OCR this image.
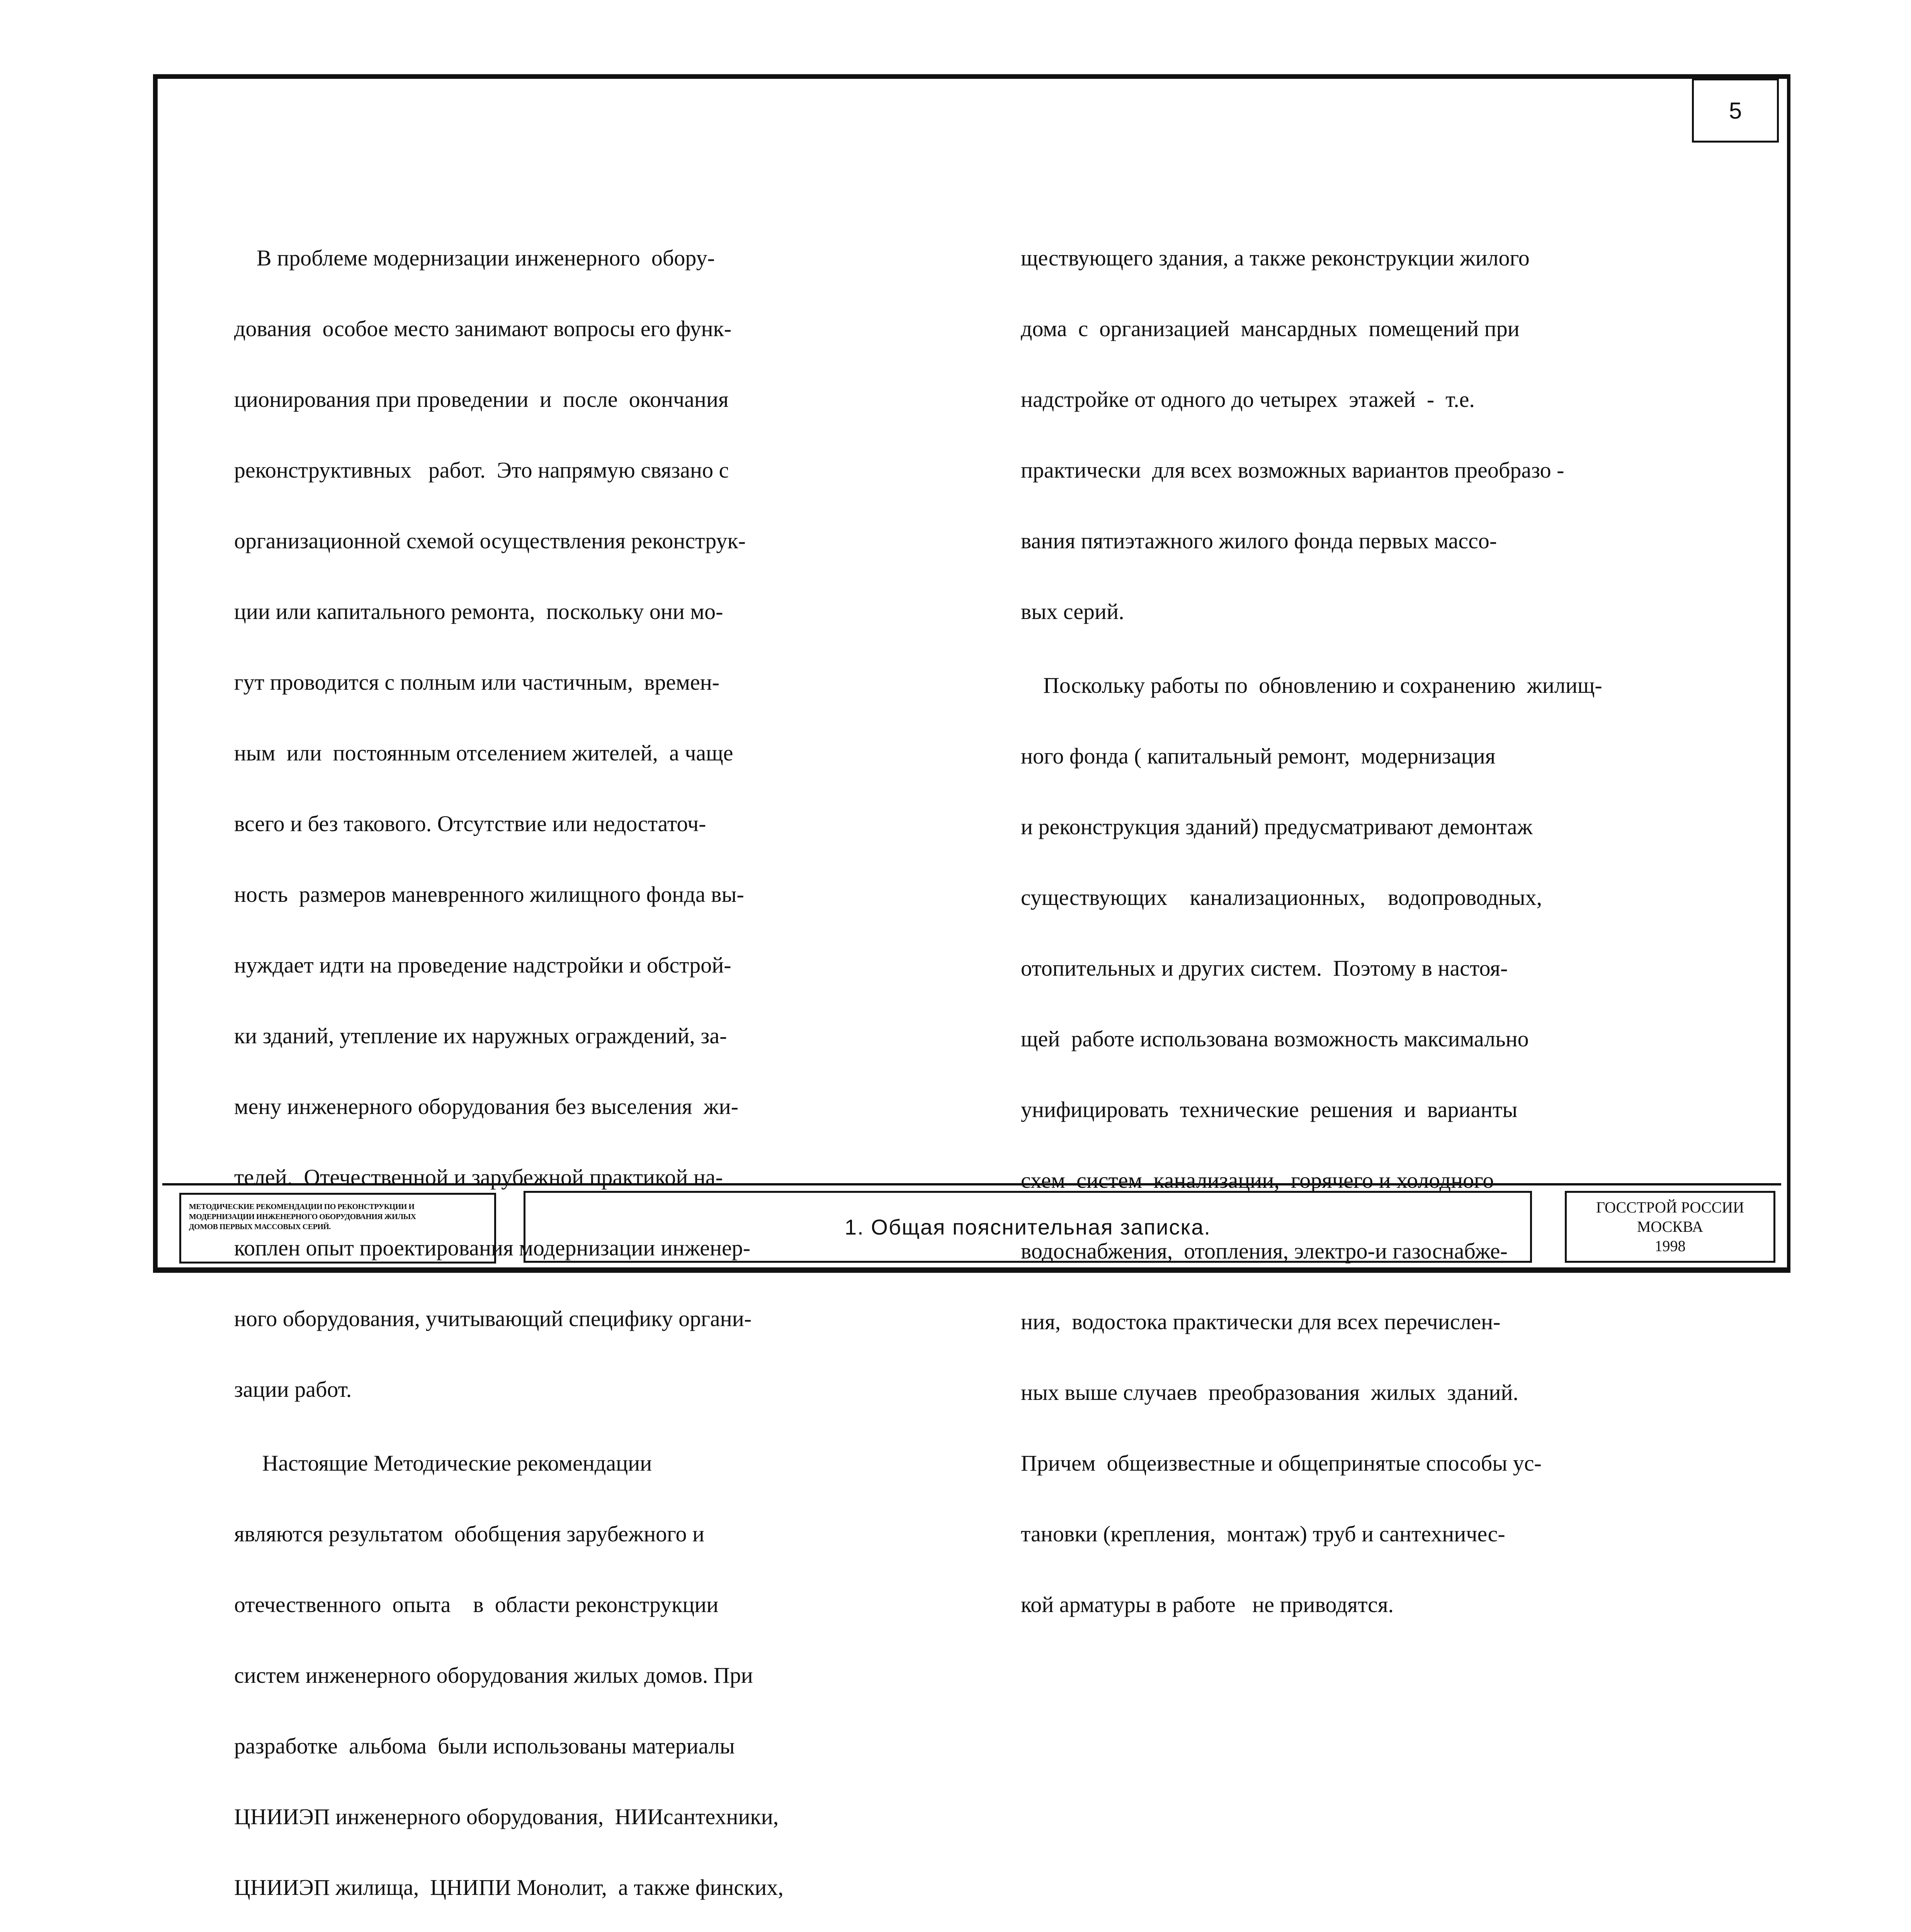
5

В проблеме модернизации инженерного  обору-

дования  особое место занимают вопросы его функ-

ционирования при проведении  и  после  окончания

реконструктивных   работ.  Это напрямую связано с

организационной схемой осуществления реконструк-

ции или капитального ремонта,  поскольку они мо-

гут проводится с полным или частичным,  времен-

ным  или  постоянным отселением жителей,  а чаще

всего и без такового. Отсутствие или недостаточ-

ность  размеров маневренного жилищного фонда вы-

нуждает идти на проведение надстройки и обстрой-

ки зданий, утепление их наружных ограждений, за-

мену инженерного оборудования без выселения  жи-

телей.  Отечественной и зарубежной практикой на-

коплен опыт проектирования модернизации инженер-

ного оборудования, учитывающий специфику органи-

зации работ.

Настоящие Методические рекомендации

являются результатом  обобщения зарубежного и

отечественного  опыта    в  области реконструкции

систем инженерного оборудования жилых домов. При

разработке  альбома  были использованы материалы

ЦНИИЭП инженерного оборудования,  НИИсантехники,

ЦНИИЭП жилища,  ЦНИПИ Монолит,  а также финских,

ществующего здания, а также реконструкции жилого

дома  с  организацией  мансардных  помещений при

надстройке от одного до четырех  этажей  -  т.е.

практически  для всех возможных вариантов преобразо -

вания пятиэтажного жилого фонда первых массо-

вых серий.

Поскольку работы по  обновлению и сохранению  жилищ-

ного фонда ( капитальный ремонт,  модернизация

и реконструкция зданий) предусматривают демонтаж

существующих    канализационных,    водопроводных,

отопительных и других систем.  Поэтому в настоя-

щей  работе использована возможность максимально

унифицировать  технические  решения  и  варианты

схем  систем  канализации,  горячего и холодного

водоснабжения,  отопления, электро-и газоснабже-

ния,  водостока практически для всех перечислен-

ных выше случаев  преобразования  жилых  зданий.

Причем  общеизвестные и общепринятые способы ус-

тановки (крепления,  монтаж) труб и сантехничес-

кой арматуры в работе   не приводятся.

МЕТОДИЧЕСКИЕ РЕКОМЕНДАЦИИ ПО РЕКОНСТРУКЦИИ И
МОДЕРНИЗАЦИИ ИНЖЕНЕРНОГО ОБОРУДОВАНИЯ ЖИЛЫХ
ДОМОВ ПЕРВЫХ МАССОВЫХ СЕРИЙ.	1. Общая пояснительная записка.
ГОССТРОЙ РОССИИ
МОСКВА
1998
